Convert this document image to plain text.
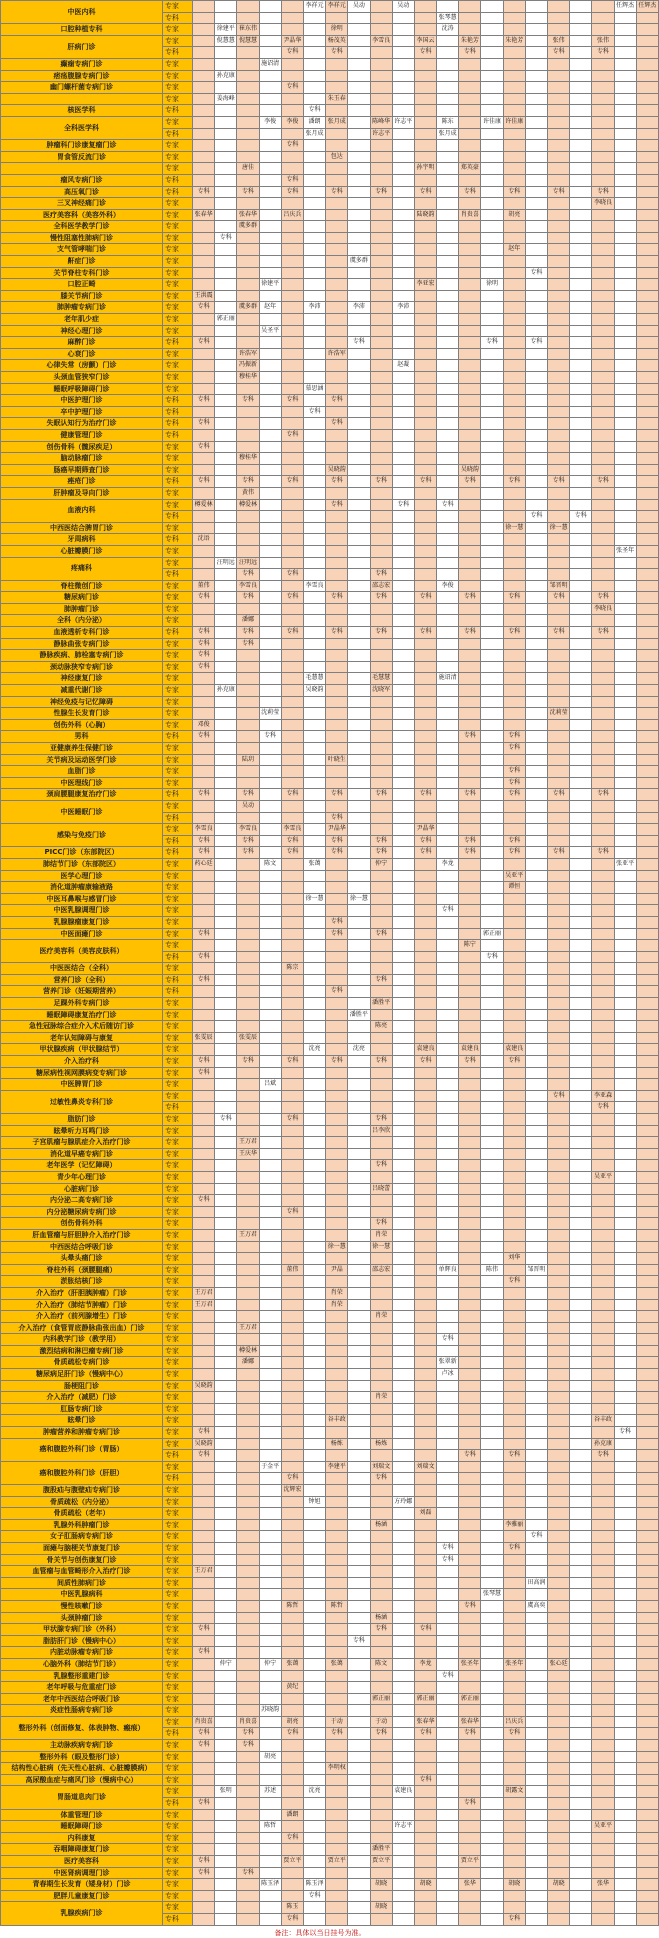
中医内科	专家						李祥元	李祥元	吴动		吴动										任辉杰	任辉杰
	专科												张琴慧									
口腔种植专科	专家		徐建平	崔东伟				徐明					沈涛									
肝病门诊	专家		倪慧慧	倪慧慧		尹晶华		杨茂英		李雪良		李国云		朱艳芳		朱艳芳		张伟		张伟		
	专科					专科		专科				专科		专科				专科		专科		
癫痫专病门诊	专家				施诏清																	
痞疡腹腺专病门诊	专家		孙克康																			
幽门螺杆菌专病门诊	专家					专科																
	专家		姜海峰					朱玉春														
核医学科	专科						专科															
全科医学科	专家				李俊	李俊	潘朗	张月成		陈峰华	许志平		陈东		许佳康	许佳康						
	专科						张月成			许志平			张月成									
肿瘤科门诊康复瘤门诊	专家					专科																
胃食管反流门诊	专家							包达														
	专家			唐佳								孙宇明		郑英豪								
瘤风专病门诊	专科					专科																
高压氧门诊	专科	专科		专科		专科		专科		专科		专科		专科		专科		专科		专科		
三叉神经痛门诊	专家																			李晓良		
医疗美容科（美容外科）	专家	张春华		张春华		吕庆兵						陆晓韵		肖贵喜		胡亮						
全科医学教学门诊	专家			虞多群																		
慢性阻塞性肺病门诊	专家		专科																			
支气管哮喘门诊	专家															赵年						
鼾症门诊	专家								虞多群													
关节脊柱专科门诊	专家																专科					
口腔正畸	专家				徐建平							李亚宏			徐明							
膝关节病门诊	专家	王洪震																				
肺肿瘤专病门诊	专家	专科		虞多群	赵年		李沛		李沛		李沛											
老年肌少症	专家		郭正丽																			
神经心理门诊	专家				吴圣平																	
麻醉门诊	专科	专科							专科						专科		专科					
心衰门诊	专家			许浩军				许浩军														
心律失常（房颤）门诊	专家			冯振新							赵凝											
头颈血管狭窄门诊	专家			穆桂华																		
睡眠呼吸障碍门诊	专家						慕思涵															
中医护理门诊	专科	专科		专科		专科		专科														
卒中护理门诊	专科						专科															
失眠认知行为治疗门诊	专科	专科						专科														
健康管理门诊	专科					专科																
创伤骨科（髋尿疾足）	专家	专科																				
脑动脉瘤门诊	专家			穆桂华																		
肠癌早期筛查门诊	专家							吴晓韵						吴晓韵								
痤疮门诊	专科	专科		专科		专科		专科		专科		专科		专科		专科		专科		专科		
肝肿瘤及导向门诊	专家			黄伟																		
血液内科	专家	樽爱林		樽爱林				专科			专科		专科									
	专科																专科		专科			
中西医结合脾胃门诊	专家															徐一慧		徐一慧				
牙周病科	专科	沈语																				
心脏瓣膜门诊	专家																				张圣年	
疼痛科	专家		汪明远	汪明远																		
	专科			专科		专科				专科												
脊柱微创门诊	专家	董伟		李雪良			李雪良			邵志宏			李俊					邹晋明				
糖尿病门诊	专家	专科		专科		专科		专科		专科		专科		专科		专科		专科		专科		
肺肿瘤门诊	专家																			李晓良		
全科（内分泌）	专家			潘娜																		
血液透析专科门诊	专科	专科		专科		专科		专科		专科		专科		专科		专科		专科		专科		
静脉曲张专病门诊	专家	专科		专科																		
静脉疾病、肺栓塞专病门诊	专家	专科																				
颈动脉狭窄专病门诊	专家	专科																				
神经康复门诊	专家						毛慧慧			毛慧慧			施诏清									
减重代谢门诊	专家		孙克康				吴晓韵			沈晓军												
神经免疫与记忆障碍	专家																					
性腺生长发育门诊	专家				沈莉莹													沈莉莹				
创伤外科（心胸）	专家	邓俊																				
男科	专科	专科			专科									专科		专科						
亚健康养生保健门诊	专家															专科						
关节病及运动医学门诊	专家			陆玥				叶晓生														
血脂门诊	专家															专科						
中医理线门诊	专家															专科						
颈肩腰腿康复治疗门诊	专科	专科		专科		专科		专科		专科		专科		专科		专科		专科		专科		
中医睡眠门诊	专家			吴动																		
	专科							专科														
感染与免疫门诊	专家	李雪良		李雪良		李雪良		尹晶华				尹晶华										
	专科	专科		专科		专科		专科		专科		专科		专科		专科						
PICC门诊（东部院区）	专科	专科		专科		专科		专科		专科		专科		专科		专科		专科		专科		
肺结节门诊（东部院区）	专家	药心廷			陈文		张蔼			仲宁			李龙								张亚平	
医学心理门诊	专家															吴亚平						
消化道肿瘤康输液路	专家															谭恒						
中医耳鼻喉与感冒门诊	专家						徐一慧		徐一慧													
中医乳腺调理门诊	专家												专科									
乳腺腺瘤康复门诊	专家							专科														
中医面瘫门诊	专家	专科						专科		专科					郭正丽							
医疗美容科（美容皮肤科）	专家													陈宁								
	专科	专科													专科							
中医医结合（全科）	专家					陈宗																
营养门诊（全科）	专科	专科								专科												
营养门诊（妊娠期营养）	专科							专科														
足踝外科专病门诊	专家									潘胜平												
睡眠障碍康复治疗门诊	专家								潘胜平													
急性冠脉综合症介入术后随访门诊	专家									陈亮												
老年认知障碍与康复	专家	张雯辰		张雯辰																		
甲状腺疾病（甲状腺结节）	专家						沈亮		沈亮			袁建良		袁建良		袁建良						
介入治疗科	专家	专科		专科		专科		专科		专科		专科		专科		专科						
糖尿病性视网膜病变专病门诊	专家	专科																				
中医脾胃门诊	专家				吕斌																	
过敏性鼻炎专科门诊	专家																	专科		李亚森		
	专科																			专科		
脂肪门诊	专家		专科			专科				专科												
眩晕听力耳鸣门诊	专家									吕李欣												
子宫肌瘤与腺肌症介入治疗门诊	专家			王万君																		
消化道早癌专病门诊	专家			王庆华																		
老年医学（记忆障碍）	专家									专科												
青少年心理门诊	专家																			吴亚平		
心脏病门诊	专家									吕晓蕾												
内分泌二高专病门诊	专家	专科																				
内分泌糖尿病专病门诊	专家					专科																
创伤骨科外科	专家									专科												
肝血管瘤与肝胆肿介入治疗门诊	专家			王万君						肖荣												
中西医结合呼吸门诊	专家							徐一慧		徐一慧												
头晕头痛门诊	专家															刘华						
脊柱外科（颈腰腿痛）	专家					董伟		尹晶		邵志宏			单辉良		陈伟		邹晋明					
淤胀结核门诊	专家															专科						
介入治疗（肝胆胰肿瘤）门诊	专家	王万君						肖荣														
介入治疗（肺结节肿瘤）门诊	专家	王万君						肖荣														
介入治疗（前列腺增生）门诊	专家									肖荣												
介入治疗（食管胃底静脉曲张出血）门诊	专家			王万君																		
内科教学门诊（教学用）	专家												专科									
激烈结病和淋巴瘤专病门诊	专家			樽爱林																		
骨质疏松专病门诊	专家			潘娜									张翠新									
糖尿病足肝门诊（慢病中心）	专家												卢冰									
肠梗阻门诊	专家	吴晓韵																				
介入治疗（减肥）门诊	专家									肖荣												
肛肠专病门诊	专家																					
眩晕门诊	专家							谷丰政												谷丰政		
肿瘤营养和肿瘤专病门诊	专家	专科																			专科	
癌和腹腔外科门诊（胃肠）	专家	吴晓韵						杨炼		杨炼										孙克康		
	专科	专科												专科		专科				专科		
癌和腹腔外科门诊（肝胆）	专家				于金平			李建平		刘瑞文		刘瑞文										
	专科					专科				专科												
腹股疝与腹壁疝专病门诊	专家					沈辉宏																
骨质疏松（内分泌）	专家						钟旭				方玲娜											
骨质疏松（老年）	专家											刘磊										
乳腺外科肿瘤门诊	专家									杨涵						李雅丽						
女子肛肠病专病门诊	专家																专科					
面瘫与脑梗关节康复门诊	专家												专科			专科						
骨关节与创伤康复门诊	专家												专科									
血管瘤与血管畸形介入治疗门诊	专家	王万君																				
间质性肺病门诊	专家																田高润					
中医乳腺病科	专家														张琴慧							
慢性咳嗽门诊	专家					陈哲		陈哲						专科			虞高奕					
头颈肿瘤门诊	专家									杨涵												
甲状腺专病门诊（外科）	专家	专科								专科		专科										
脂肪肝门诊（慢病中心）	专家								专科													
内脏动脉瘤专病门诊	专家	专科																				
心脑外科（肺结节门诊）	专家		仲宁		仲宁	张蔼		张蔼		陈文		李龙		张圣年		张圣年		张心廷				
乳腺整形重建门诊	专家												专科									
老年呼吸与危重症门诊	专家					黄纪																
老年中西医结合呼吸门诊	专家									郭正丽		郭正丽		郭正丽								
炎症性肠病专病门诊	专家				苏晓韵																	
整形外科（创面修复、体表肿物、瘢痕）	专家	肖贵喜		肖贵喜		胡亮		于动		于动		张春华		张春华		吕庆兵						
	专科	专科		专科		专科		专科		专科		专科		专科		专科						
主动脉疾病专病门诊	专家	专科		专科																		
整形外科（眼及整形门诊）	专家				胡亮																	
结构性心脏病（先天性心脏病、心脏瓣膜病）	专家							李明权														
高尿酸血症与痛风门诊（慢病中心）	专家											专科										
胃肠道息肉门诊	专家		张明		苏述		沈亮				袁建良					胡露文						
	专科	专科												专科								
体重管理门诊	专家					潘朗																
睡眠障碍门诊	专家				陈哲						许志平									吴亚平		
内科康复	专家					专科																
吞咽障碍康复门诊	专家									潘胜平												
医疗美容科	专家	专科				贾立平		贾立平		贾立平				贾立平								
中医肾病调理门诊	专家	专科		专科																		
青春期生长发育（矮身材）门诊	专家				陈玉泽		陈玉泽			胡晓		胡晓		张华		胡晓		胡晓		张华		
肥胖儿童康复门诊	专家						专科															
乳腺疾病门诊	专家					陈玉				胡晓												
	专科					专科										专科						
备注：具体以当日挂号为准。
